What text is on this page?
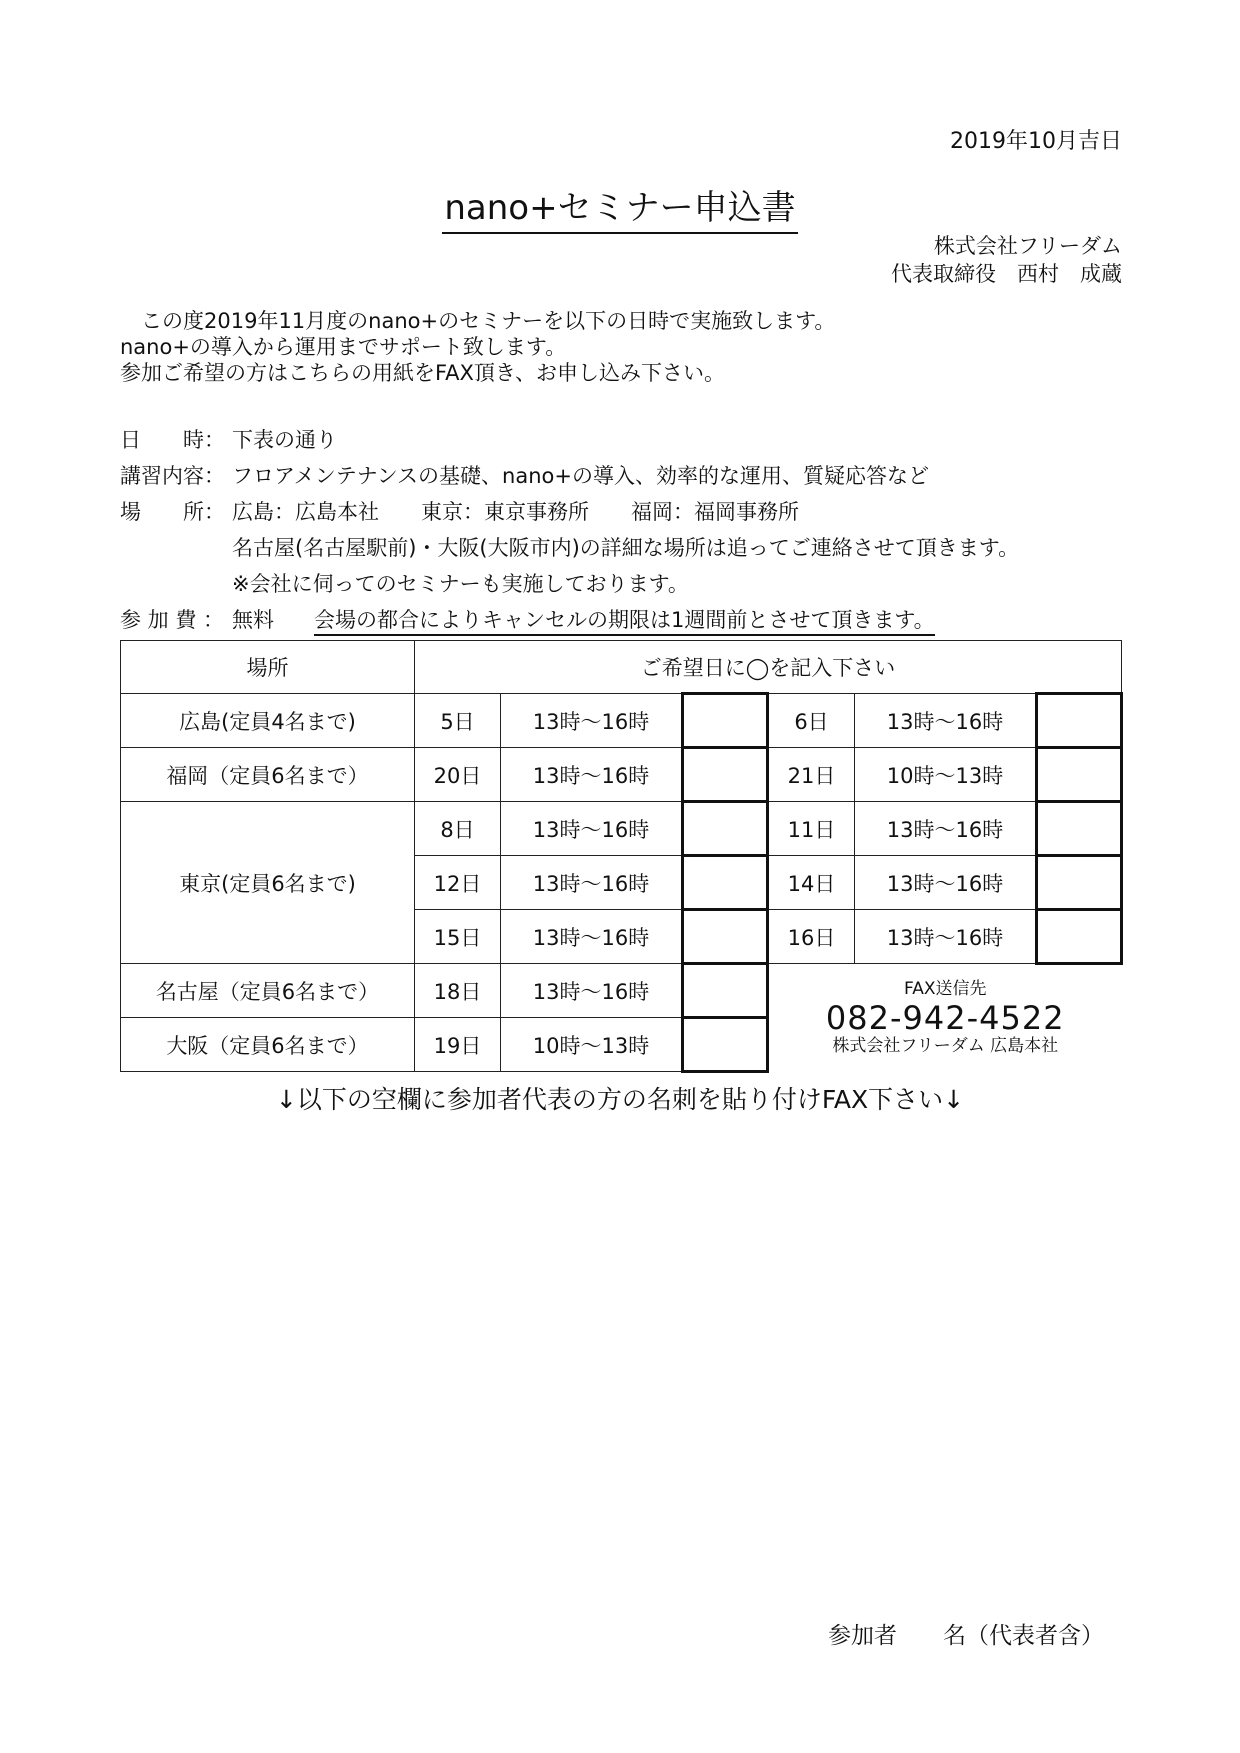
2019年10月吉日
nano+セミナー申込書
株式会社フリーダム
代表取締役　西村　成蔵
　この度2019年11月度のnano+のセミナーを以下の日時で実施致します。
nano+の導入から運用までサポート致します。
参加ご希望の方はこちらの用紙をFAX頂き、お申し込み下さい。
日　　時： 下表の通り
講習内容： フロアメンテナンスの基礎、nano+の導入、効率的な運用、質疑応答など
場　　所： 広島：広島本社　　東京：東京事務所　　福岡：福岡事務所
名古屋(名古屋駅前)・大阪(大阪市内)の詳細な場所は追ってご連絡させて頂きます。
※会社に伺ってのセミナーも実施しております。
参 加 費 ： 無料 会場の都合によりキャンセルの期限は1週間前とさせて頂きます。
場所	ご希望日に◯を記入下さい					
広島(定員4名まで)	5日	13時〜16時		6日	13時〜16時	
福岡（定員6名まで）	20日	13時〜16時		21日	10時〜13時	
東京(定員6名まで)	8日	13時〜16時		11日	13時〜16時	
	12日	13時〜16時		14日	13時〜16時	
	15日	13時〜16時		16日	13時〜16時	
名古屋（定員6名まで）	18日	13時〜16時		FAX送信先
082-942-4522
株式会社フリーダム 広島本社		

大阪（定員6名まで）	19日	10時〜13時				
↓以下の空欄に参加者代表の方の名刺を貼り付けFAX下さい↓
参加者　　名（代表者含）
